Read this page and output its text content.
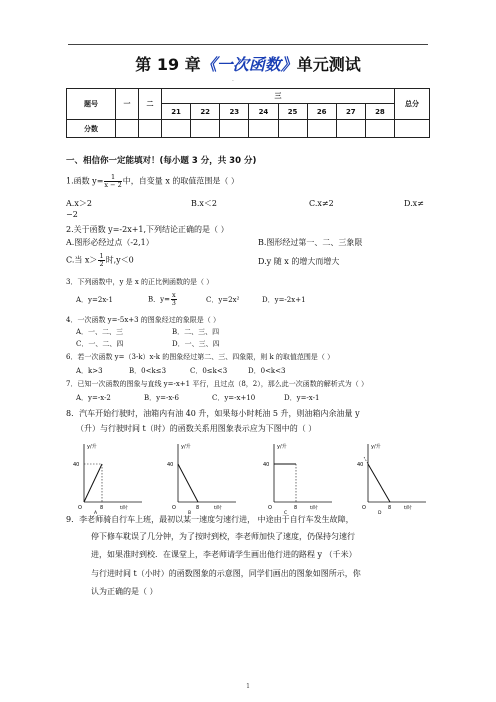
第 19 章《一次函数》单元测试
·
题号	一	二	三								总分
			21	22	23	24	25	26	27	28	
分数											
一、相信你一定能填对！(每小题 3 分，共 30 分)
1.函数 $y= \frac{1}{x - 2}$ 中，自变量 x 的取值范围是（ ）
A.x＞2	B.x＜2	C.x≠2	D.x≠
−2
2.关于函数 y=-2x+1,下列结论正确的是（ ）
A.图形必经过点（-2,1）	B.图形经过第一、二、三象限
C.当 $x> \frac{1}{2}$ 时,y＜0	D.y 随 x 的增大而增大
3．下列函数中，y 是 x 的正比例函数的是（ ）
A．y=2x-1	B．$y= \frac{x}{3}$	C．y=2x²	D．y=-2x+1
4．一次函数 y=-5x+3 的图象经过的象限是（ ）
A．一、二、三	B．二、三、四
C．一、二、四	D．一、三、四
6．若一次函数 y=（3-k）x-k 的图象经过第二、三、四象限，则 k 的取值范围是（ ）
A．k>3	B．0<k≤3	C．0≤k<3	D．0<k<3
7．已知一次函数的图象与直线 y=-x+1 平行，且过点（8，2），那么此一次函数的解析式为（ ）
A．y=-x-2	B．y=-x-6	C．y=-x+10	D．y=-x-1
8．汽车开始行驶时，油箱内有油 40 升，如果每小时耗油 5 升，则油箱内余油量 y
（升）与行驶时间 t（时）的函数关系用图象表示应为下图中的（ ）
y/升
40
O	8	t/时
A
y/升
40
O	8	t/时
B
y/升
40
O	8	t/时
C
y/升
40
O	8	t/时
D
9．李老师骑自行车上班，最初以某一速度匀速行进， 中途由于自行车发生故障，
停下修车耽误了几分钟，为了按时到校，李老师加快了速度，仍保持匀速行
进，如果准时到校．在课堂上，李老师请学生画出他行进的路程 y （千米）
与行进时间 t（小时）的函数图象的示意图，同学们画出的图象如图所示，你
认为正确的是（ ）
1
